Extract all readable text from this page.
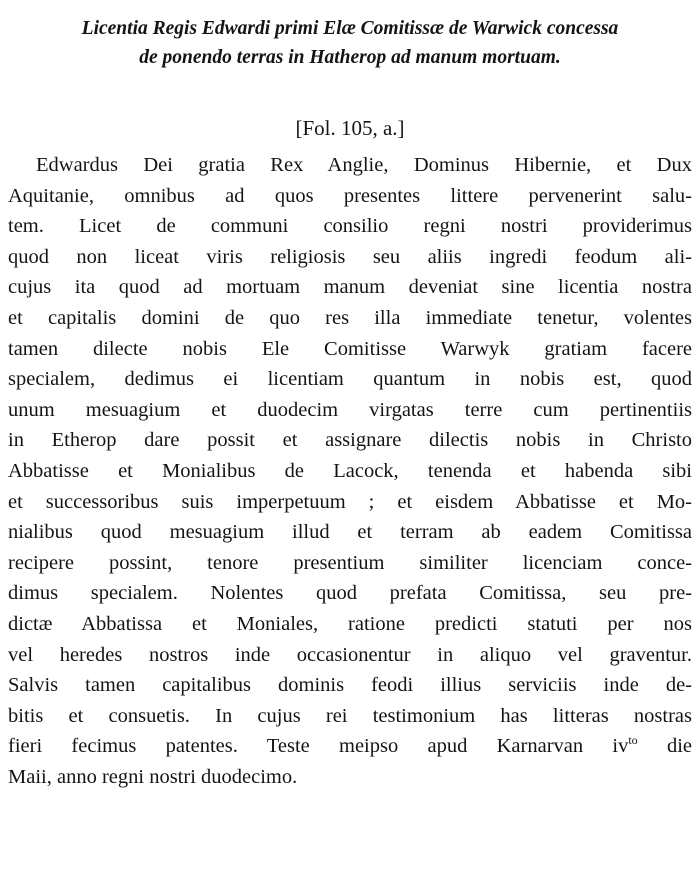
Licentia Regis Edwardi primi Elæ Comitissæ de Warwick concessa
de ponendo terras in Hatherop ad manum mortuam.
[Fol. 105, a.]
Edwardus Dei gratia Rex Anglie, Dominus Hibernie, et Dux
Aquitanie, omnibus ad quos presentes littere pervenerint salu-
tem. Licet de communi consilio regni nostri providerimus
quod non liceat viris religiosis seu aliis ingredi feodum ali-
cujus ita quod ad mortuam manum deveniat sine licentia nostra
et capitalis domini de quo res illa immediate tenetur, volentes
tamen dilecte nobis Ele Comitisse Warwyk gratiam facere
specialem, dedimus ei licentiam quantum in nobis est, quod
unum mesuagium et duodecim virgatas terre cum pertinentiis
in Etherop dare possit et assignare dilectis nobis in Christo
Abbatisse et Monialibus de Lacock, tenenda et habenda sibi
et successoribus suis imperpetuum ; et eisdem Abbatisse et Mo-
nialibus quod mesuagium illud et terram ab eadem Comitissa
recipere possint, tenore presentium similiter licenciam conce-
dimus specialem. Nolentes quod prefata Comitissa, seu pre-
dictæ Abbatissa et Moniales, ratione predicti statuti per nos
vel heredes nostros inde occasionentur in aliquo vel graventur.
Salvis tamen capitalibus dominis feodi illius serviciis inde de-
bitis et consuetis. In cujus rei testimonium has litteras nostras
fieri fecimus patentes. Teste meipso apud Karnarvan $iv^{to}$ die
Maii, anno regni nostri duodecimo.
